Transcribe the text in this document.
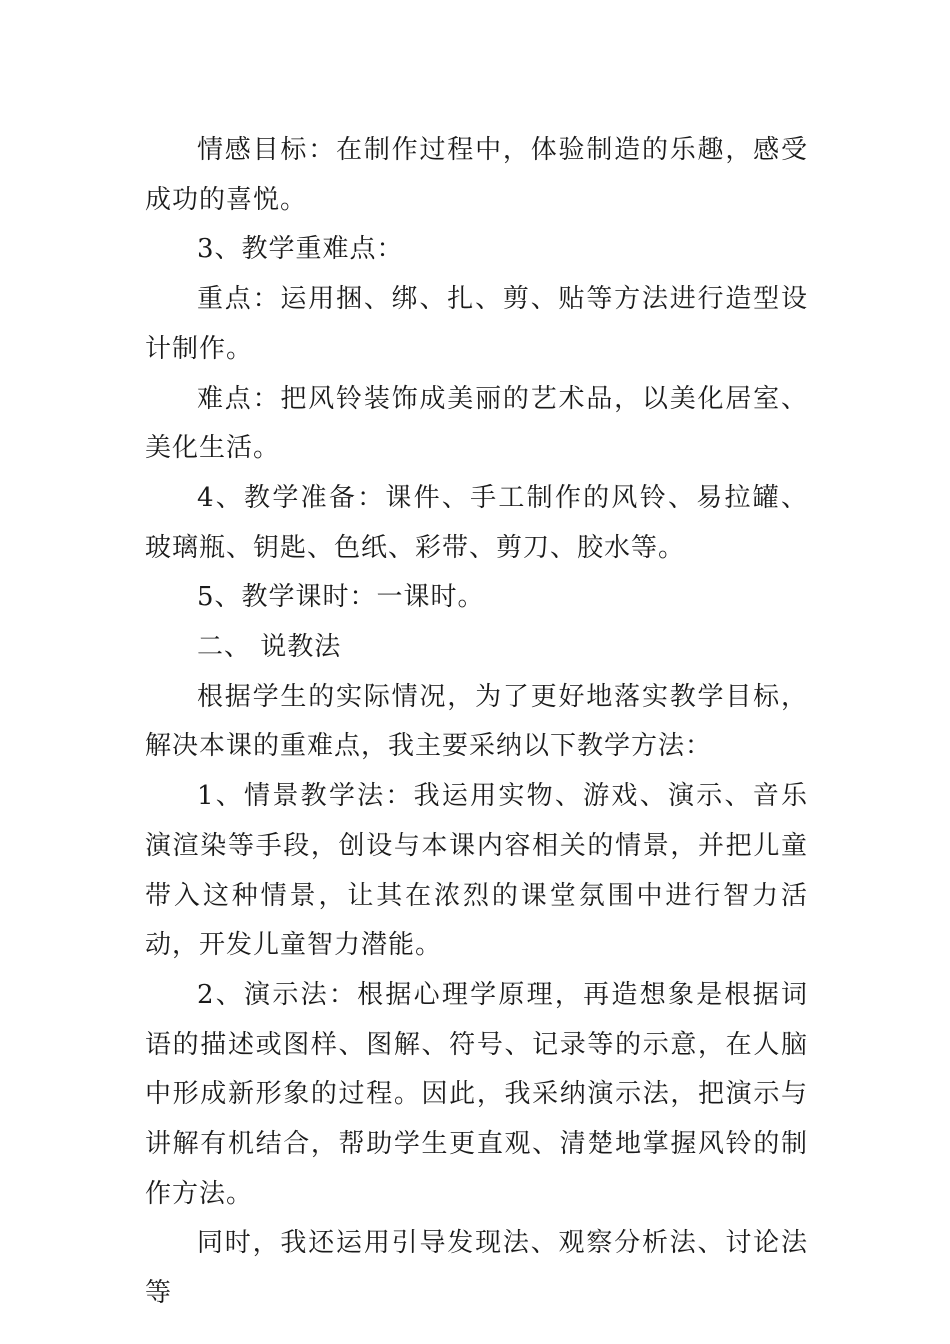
情感目标：在制作过程中，体验制造的乐趣，感受成功的喜悦。

3、教学重难点：

重点：运用捆、绑、扎、剪、贴等方法进行造型设计制作。

难点：把风铃装饰成美丽的艺术品，以美化居室、美化生活。

4、教学准备：课件、手工制作的风铃、易拉罐、玻璃瓶、钥匙、色纸、彩带、剪刀、胶水等。

5、教学课时：一课时。

二、 说教法

根据学生的实际情况，为了更好地落实教学目标，解决本课的重难点，我主要采纳以下教学方法：

1、情景教学法：我运用实物、游戏、演示、音乐演渲染等手段，创设与本课内容相关的情景，并把儿童带入这种情景，让其在浓烈的课堂氛围中进行智力活动，开发儿童智力潜能。

2、演示法：根据心理学原理，再造想象是根据词语的描述或图样、图解、符号、记录等的示意，在人脑中形成新形象的过程。因此，我采纳演示法，把演示与讲解有机结合，帮助学生更直观、清楚地掌握风铃的制作方法。

同时，我还运用引导发现法、观察分析法、讨论法等
